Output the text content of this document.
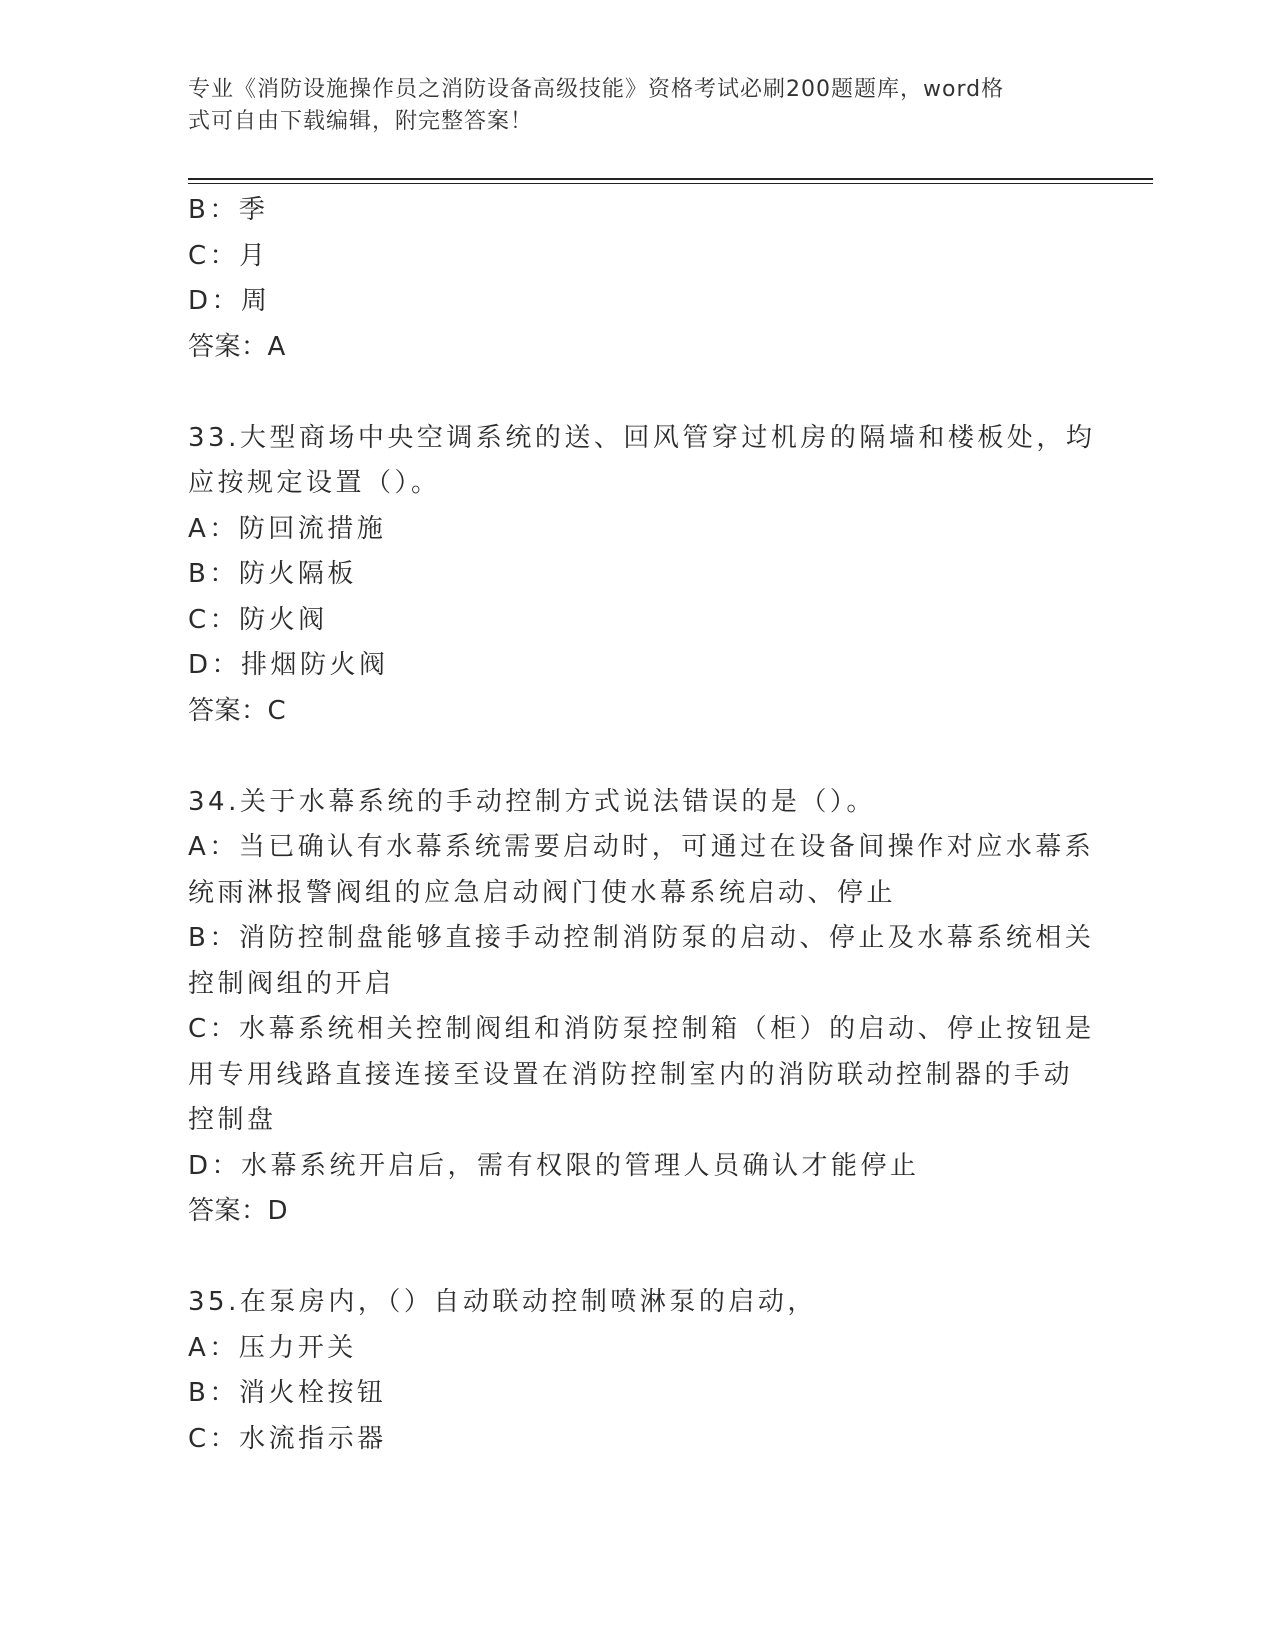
专业《消防设施操作员之消防设备高级技能》资格考试必刷200题题库，word格
式可自由下载编辑，附完整答案！
B：季
C：月
D：周
答案：A
33.大型商场中央空调系统的送、回风管穿过机房的隔墙和楼板处，均
应按规定设置（）。
A：防回流措施
B：防火隔板
C：防火阀
D：排烟防火阀
答案：C
34.关于水幕系统的手动控制方式说法错误的是（）。
A：当已确认有水幕系统需要启动时，可通过在设备间操作对应水幕系
统雨淋报警阀组的应急启动阀门使水幕系统启动、停止
B：消防控制盘能够直接手动控制消防泵的启动、停止及水幕系统相关
控制阀组的开启
C：水幕系统相关控制阀组和消防泵控制箱（柜）的启动、停止按钮是
用专用线路直接连接至设置在消防控制室内的消防联动控制器的手动
控制盘
D：水幕系统开启后，需有权限的管理人员确认才能停止
答案：D
35.在泵房内，（）自动联动控制喷淋泵的启动，
A：压力开关
B：消火栓按钮
C：水流指示器
